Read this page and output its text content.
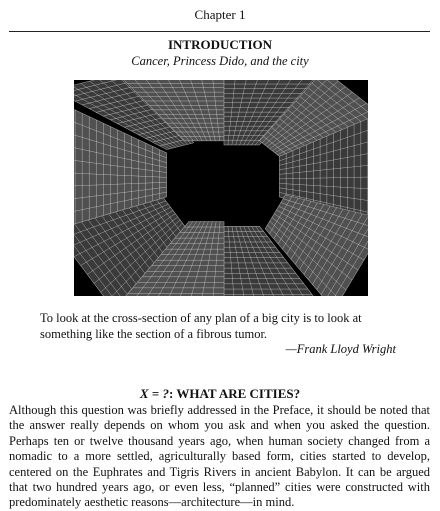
Chapter 1
INTRODUCTION
Cancer, Princess Dido, and the city
To look at the cross-section of any plan of a big city is to look at something like the section of a fibrous tumor.
—Frank Lloyd Wright
X = ?: WHAT ARE CITIES?
Although this question was briefly addressed in the Preface, it should be noted that the answer really depends on whom you ask and when you asked the question. Perhaps ten or twelve thousand years ago, when human society changed from a nomadic to a more settled, agriculturally based form, cities started to develop, centered on the Euphrates and Tigris Rivers in ancient Babylon. It can be argued that two hundred years ago, or even less, “planned” cities were constructed with predominately aesthetic reasons—architecture—in mind.
